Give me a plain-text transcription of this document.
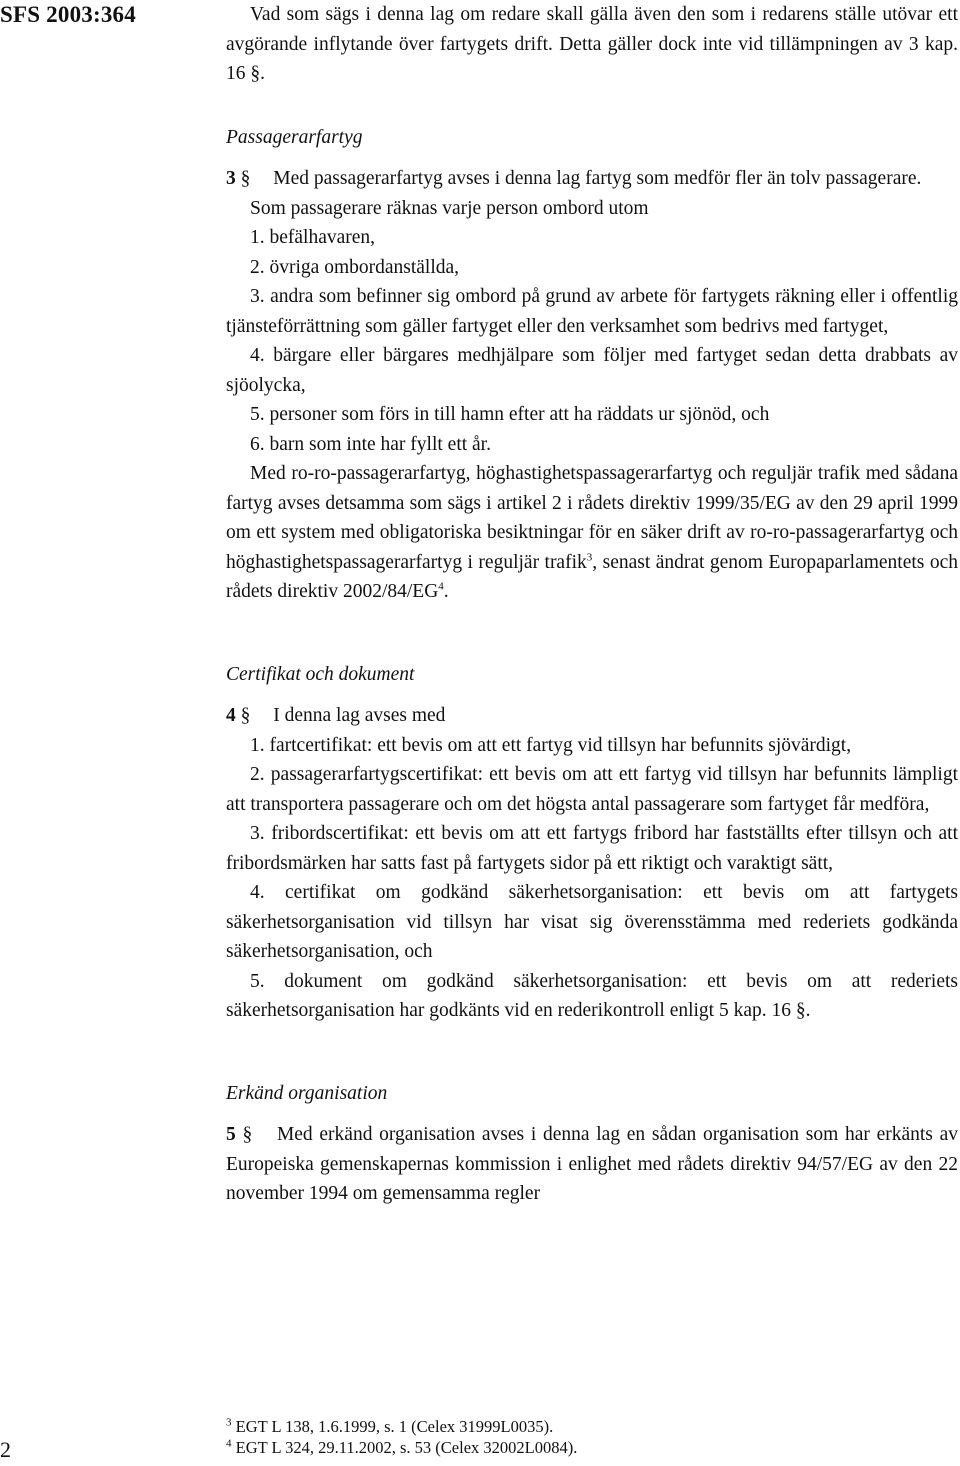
SFS 2003:364	Vad som sägs i denna lag om redare skall gälla även den som i redarens ställe utövar ett avgörande inflytande över fartygets drift. Detta gäller dock inte vid tillämpningen av 3 kap. 16 §.

Passagerarfartyg

3 § Med passagerarfartyg avses i denna lag fartyg som medför fler än tolv passagerare.

Som passagerare räknas varje person ombord utom

1. befälhavaren,

2. övriga ombordanställda,

3. andra som befinner sig ombord på grund av arbete för fartygets räkning eller i offentlig tjänsteförrättning som gäller fartyget eller den verksamhet som bedrivs med fartyget,

4. bärgare eller bärgares medhjälpare som följer med fartyget sedan detta drabbats av sjöolycka,

5. personer som förs in till hamn efter att ha räddats ur sjönöd, och

6. barn som inte har fyllt ett år.

Med ro-ro-passagerarfartyg, höghastighetspassagerarfartyg och reguljär trafik med sådana fartyg avses detsamma som sägs i artikel 2 i rådets direktiv 1999/35/EG av den 29 april 1999 om ett system med obligatoriska besiktningar för en säker drift av ro-ro-passagerarfartyg och höghastighetspassagerarfartyg i reguljär trafik$^3$, senast ändrat genom Europaparlamentets och rådets direktiv $2002/84/EG^4$.

Certifikat och dokument

4 § I denna lag avses med

1. fartcertifikat: ett bevis om att ett fartyg vid tillsyn har befunnits sjövärdigt,

2. passagerarfartygscertifikat: ett bevis om att ett fartyg vid tillsyn har befunnits lämpligt att transportera passagerare och om det högsta antal passagerare som fartyget får medföra,

3. fribordscertifikat: ett bevis om att ett fartygs fribord har fastställts efter tillsyn och att fribordsmärken har satts fast på fartygets sidor på ett riktigt och varaktigt sätt,

4. certifikat om godkänd säkerhetsorganisation: ett bevis om att fartygets säkerhetsorganisation vid tillsyn har visat sig överensstämma med rederiets godkända säkerhetsorganisation, och

5. dokument om godkänd säkerhetsorganisation: ett bevis om att rederiets säkerhetsorganisation har godkänts vid en rederikontroll enligt 5 kap. 16 §.

Erkänd organisation

5 § Med erkänd organisation avses i denna lag en sådan organisation som har erkänts av Europeiska gemenskapernas kommission i enlighet med rådets direktiv 94/57/EG av den 22 november 1994 om gemensamma regler

$^3$ EGT L 138, 1.6.1999, s. 1 (Celex 31999L0035).

$^4$ EGT L 324, 29.11.2002, s. 53 (Celex 32002L0084).

2
